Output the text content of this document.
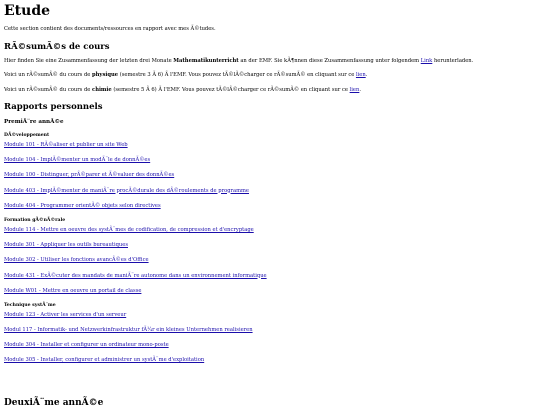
Etude

Cette section contient des documents/ressources en rapport avec mes Ã©tudes.

RÃ©sumÃ©s de cours

Hier finden Sie eine Zusammenfassung der letzten drei Monate Mathematikunterricht an der EMF. Sie kÃ¶nnen diese Zusammenfassung unter folgendem Link herunterladen.

Voici un rÃ©sumÃ© du cours de physique (semestre 3 Ã 6) Ã l'EMF. Vous pouvez tÃ©lÃ©charger ce rÃ©sumÃ© en cliquant sur ce lien.

Voici un rÃ©sumÃ© du cours de chimie (semestre 5 Ã 6) Ã l'EMF. Vous pouvez tÃ©lÃ©charger ce rÃ©sumÃ© en cliquant sur ce lien.

Rapports personnels
PremiÃ¨re annÃ©e
DÃ©veloppement
Module 101 - RÃ©aliser et publier un site Web
Module 104 - ImplÃ©menter un modÃ¨le de donnÃ©es
Module 100 - Distinguer, prÃ©parer et Ã©valuer des donnÃ©es
Module 403 - ImplÃ©menter de maniÃ¨re procÃ©durale des dÃ©roulements de programme
Module 404 - Programmer orientÃ© objets selon directives
Formation gÃ©nÃ©rale
Module 114 - Mettre en oeuvre des systÃ¨mes de codification, de compression et d'encryptage
Module 301 - Appliquer les outils bureautiques
Module 302 - Utiliser les fonctions avancÃ©es d'Office
Module 431 - ExÃ©cuter des mandats de maniÃ¨re autonome dans un environnement informatique
Module W01 - Mettre en oeuvre un portail de classe
Technique systÃ¨me
Module 123 - Activer les services d'un serveur
Modul 117 - Informatik- und Netzwerkinfrastruktur fÃ¼r ein kleines Unternehmen realisieren
Module 304 - Installer et configurer un ordinateur mono-poste
Module 305 - Installer, configurer et administrer un systÃ¨me d'exploitation
DeuxiÃ¨me annÃ©e
